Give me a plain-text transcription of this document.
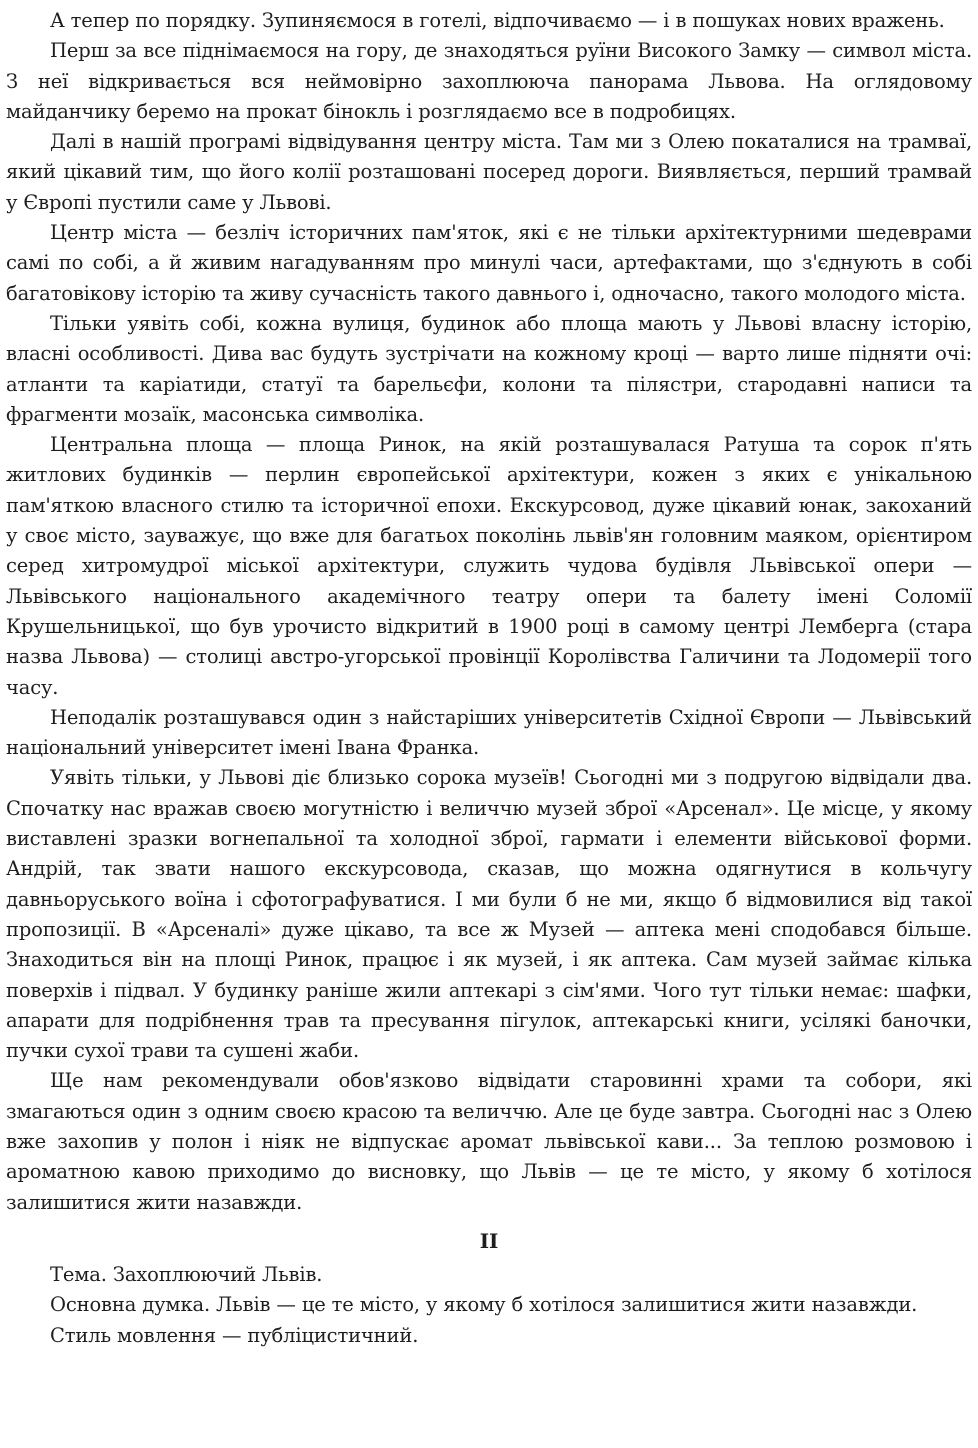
А тепер по порядку. Зупиняємося в готелі, відпочиваємо — і в пошуках нових вражень.

Перш за все піднімаємося на гору, де знаходяться руїни Високого Замку — символ міста. З неї відкривається вся неймовірно захоплююча панорама Львова. На оглядовому майданчику беремо на прокат бінокль і розглядаємо все в подробицях.

Далі в нашій програмі відвідування центру міста. Там ми з Олею покаталися на трамваї, який цікавий тим, що його колії розташовані посеред дороги. Виявляється, перший трамвай у Європі пустили саме у Львові.

Центр міста — безліч історичних пам'яток, які є не тільки архітектурними шедеврами самі по собі, а й живим нагадуванням про минулі часи, артефактами, що з'єднують в собі багатовікову історію та живу сучасність такого давнього і, одночасно, такого молодого міста.

Тільки уявіть собі, кожна вулиця, будинок або площа мають у Львові власну історію, власні особливості. Дива вас будуть зустрічати на кожному кроці — варто лише підняти очі: атланти та каріатиди, статуї та барельєфи, колони та пілястри, стародавні написи та фрагменти мозаїк, масонська символіка.

Центральна площа — площа Ринок, на якій розташувалася Ратуша та сорок п'ять житлових будинків — перлин європейської архітектури, кожен з яких є унікальною пам'яткою власного стилю та історичної епохи. Екскурсовод, дуже цікавий юнак, закоханий у своє місто, зауважує, що вже для багатьох поколінь львів'ян головним маяком, орієнтиром серед хитромудрої міської архітектури, служить чудова будівля Львівської опери — Львівського національного академічного театру опери та балету імені Соломії Крушельницької, що був урочисто відкритий в 1900 році в самому центрі Лемберга (стара назва Львова) — столиці австро-угорської провінції Королівства Галичини та Лодомерії того часу.

Неподалік розташувався один з найстаріших університетів Східної Європи — Львівський національний університет імені Івана Франка.

Уявіть тільки, у Львові діє близько сорока музеїв! Сьогодні ми з подругою відвідали два. Спочатку нас вражав своєю могутністю і величчю музей зброї «Арсенал». Це місце, у якому виставлені зразки вогнепальної та холодної зброї, гармати і елементи військової форми. Андрій, так звати нашого екскурсовода, сказав, що можна одягнутися в кольчугу давньоруського воїна і сфотографуватися. І ми були б не ми, якщо б відмовилися від такої пропозиції. В «Арсеналі» дуже цікаво, та все ж Музей — аптека мені сподобався більше. Знаходиться він на площі Ринок, працює і як музей, і як аптека. Сам музей займає кілька поверхів і підвал. У будинку раніше жили аптекарі з сім'ями. Чого тут тільки немає: шафки, апарати для подрібнення трав та пресування пігулок, аптекарські книги, усілякі баночки, пучки сухої трави та сушені жаби.

Ще нам рекомендували обов'язково відвідати старовинні храми та собори, які змагаються один з одним своєю красою та величчю. Але це буде завтра. Сьогодні нас з Олею вже захопив у полон і ніяк не відпускає аромат львівської кави... За теплою розмовою і ароматною кавою приходимо до висновку, що Львів — це те місто, у якому б хотілося залишитися жити назавжди.

II

Тема. Захоплюючий Львів.

Основна думка. Львів — це те місто, у якому б хотілося залишитися жити назавжди.

Стиль мовлення — публіцистичний.
